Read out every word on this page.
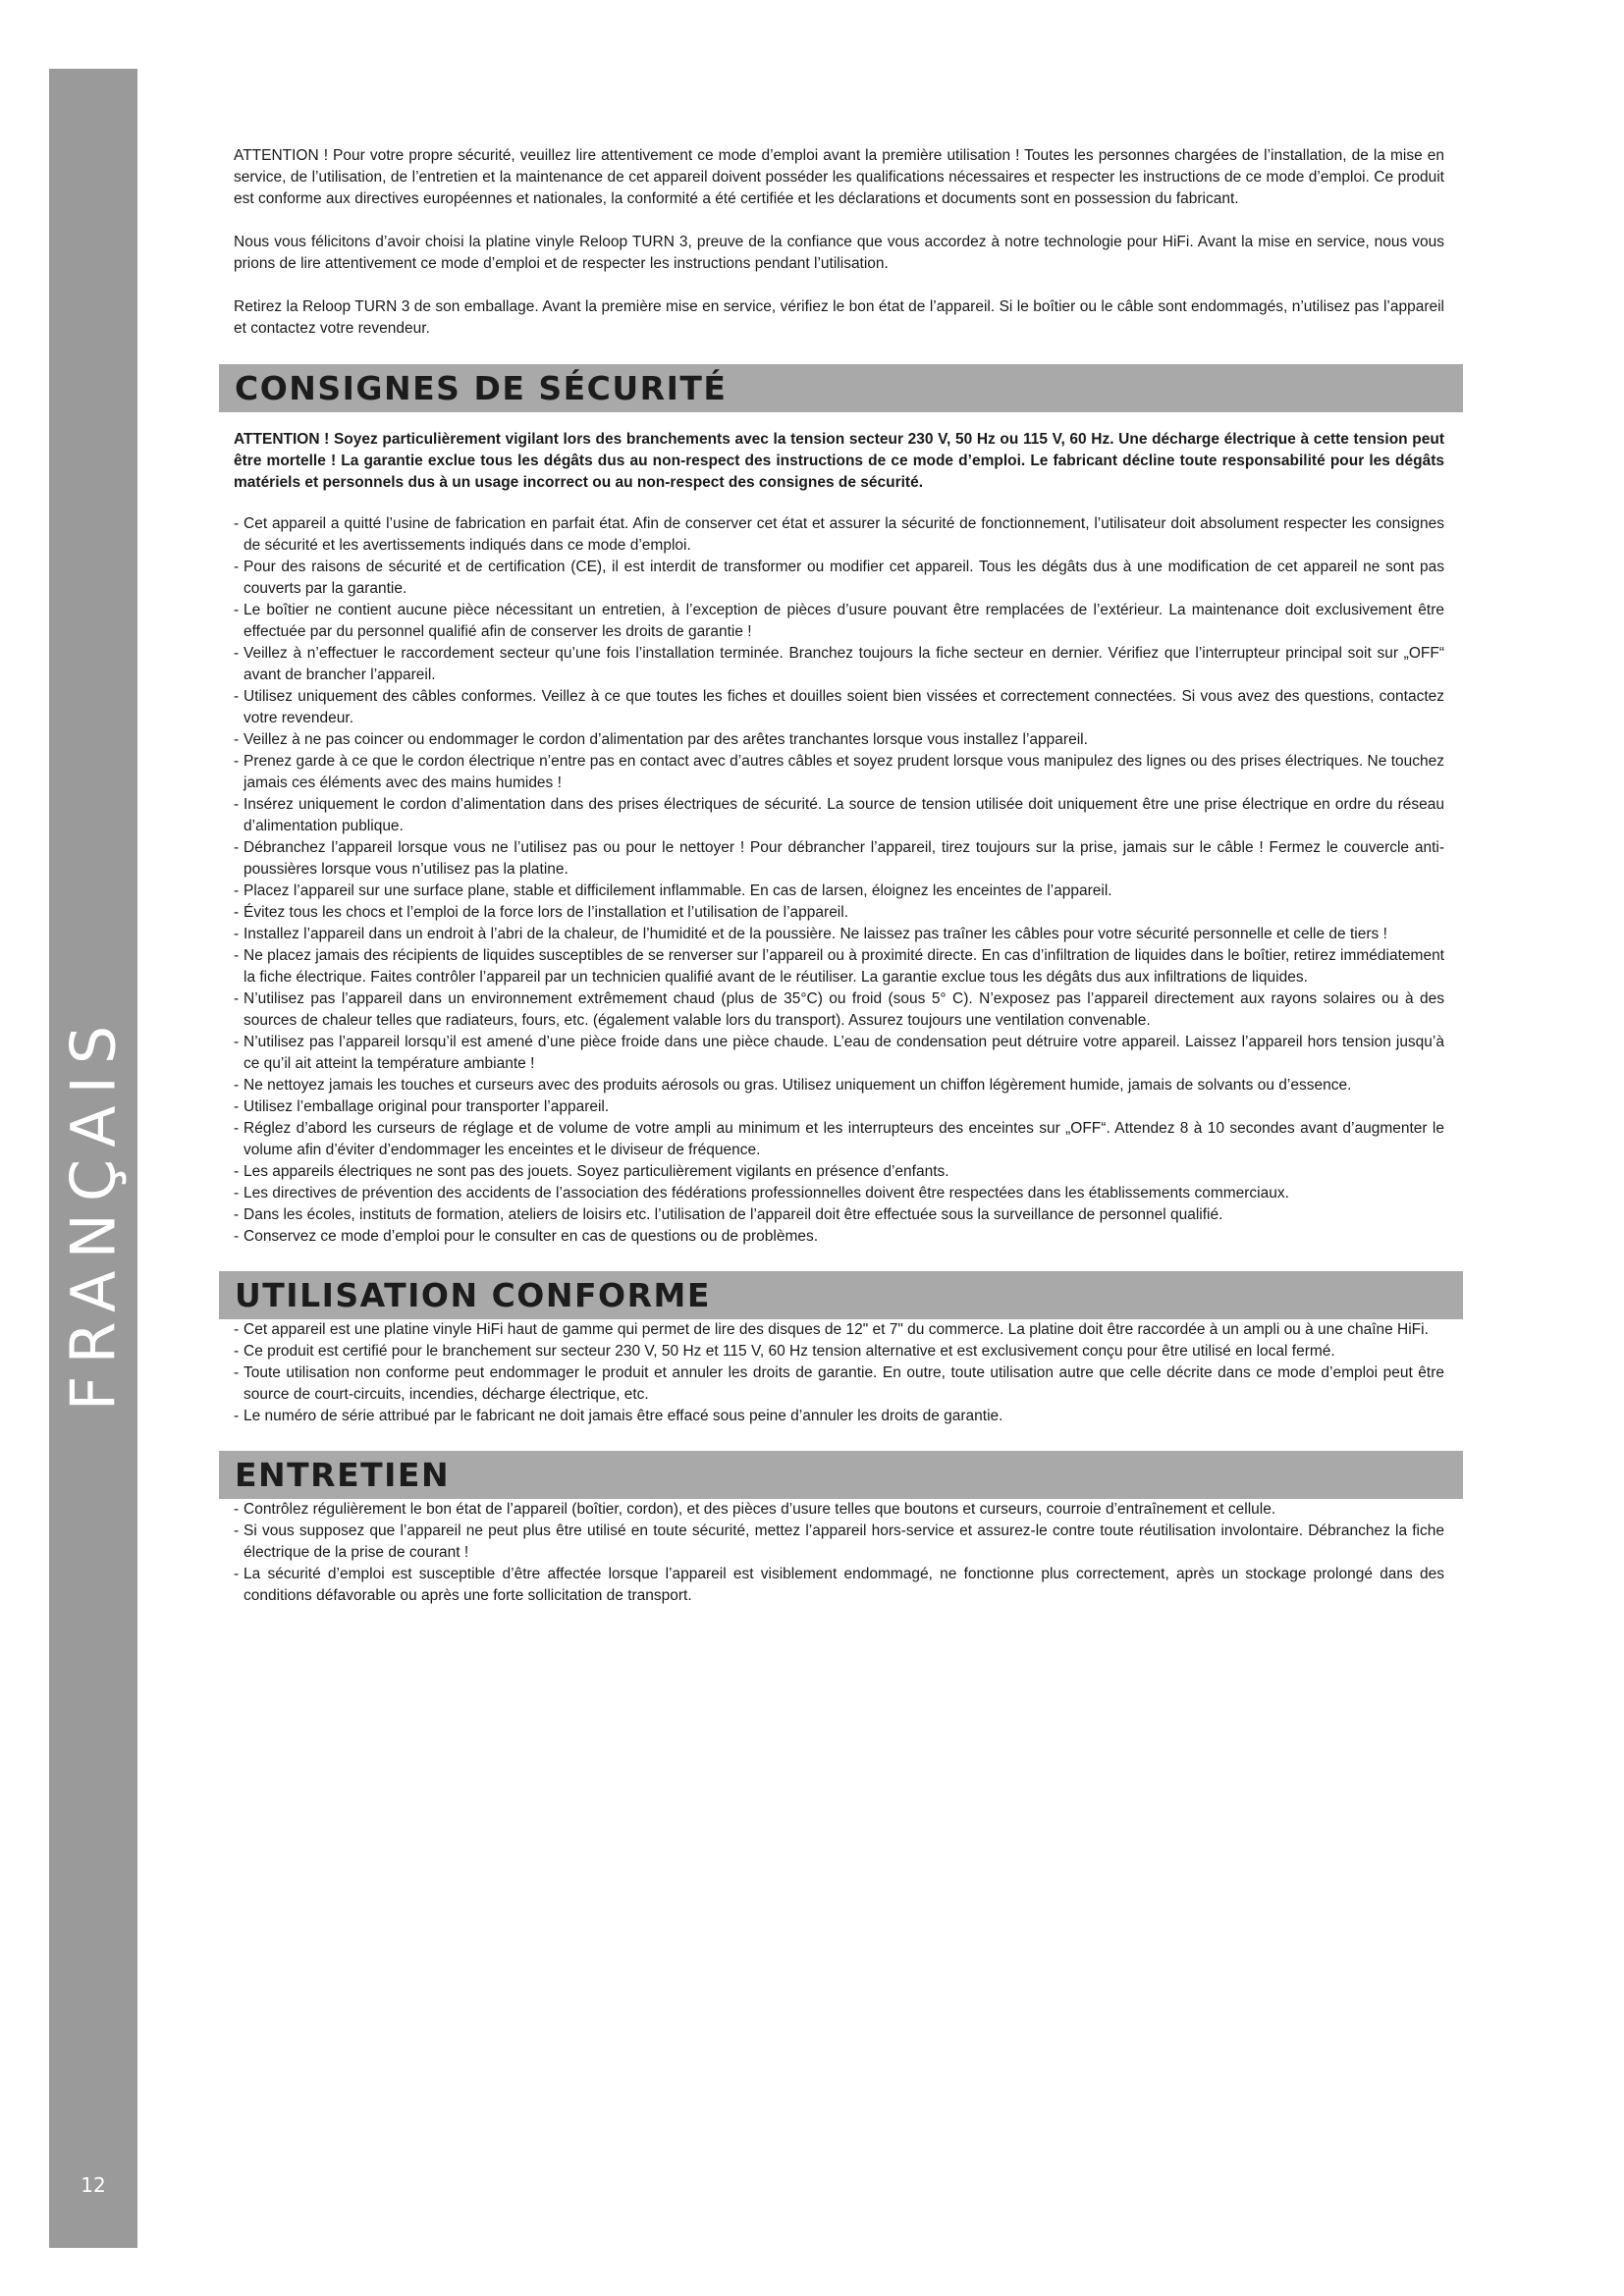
FRANÇAIS
12

ATTENTION ! Pour votre propre sécurité, veuillez lire attentivement ce mode d’emploi avant la première utilisation ! Toutes les personnes chargées de l’installation, de la mise en service, de l’utilisation, de l’entretien et la maintenance de cet appareil doivent posséder les qualifications nécessaires et respecter les instructions de ce mode d’emploi. Ce produit est conforme aux directives européennes et nationales, la conformité a été certifiée et les déclarations et documents sont en possession du fabricant.

Nous vous félicitons d’avoir choisi la platine vinyle Reloop TURN 3, preuve de la confiance que vous accordez à notre technologie pour HiFi. Avant la mise en service, nous vous prions de lire attentivement ce mode d’emploi et de respecter les instructions pendant l’utilisation.

Retirez la Reloop TURN 3 de son emballage. Avant la première mise en service, vérifiez le bon état de l’appareil. Si le boîtier ou le câble sont endommagés, n’utilisez pas l’appareil et contactez votre revendeur.

CONSIGNES DE SÉCURITÉ

ATTENTION ! Soyez particulièrement vigilant lors des branchements avec la tension secteur 230 V, 50 Hz ou 115 V, 60 Hz. Une décharge électrique à cette tension peut être mortelle ! La garantie exclue tous les dégâts dus au non-respect des instructions de ce mode d’emploi. Le fabricant décline toute responsabilité pour les dégâts matériels et personnels dus à un usage incorrect ou au non-respect des consignes de sécurité.

- Cet appareil a quitté l’usine de fabrication en parfait état. Afin de conserver cet état et assurer la sécurité de fonctionnement, l’utilisateur doit absolument respecter les consignes de sécurité et les avertissements indiqués dans ce mode d’emploi.
- Pour des raisons de sécurité et de certification (CE), il est interdit de transformer ou modifier cet appareil. Tous les dégâts dus à une modification de cet appareil ne sont pas couverts par la garantie.
- Le boîtier ne contient aucune pièce nécessitant un entretien, à l’exception de pièces d’usure pouvant être remplacées de l’extérieur. La maintenance doit exclusivement être effectuée par du personnel qualifié afin de conserver les droits de garantie !
- Veillez à n’effectuer le raccordement secteur qu’une fois l’installation terminée. Branchez toujours la fiche secteur en dernier. Vérifiez que l’interrupteur principal soit sur „OFF“ avant de brancher l’appareil.
- Utilisez uniquement des câbles conformes. Veillez à ce que toutes les fiches et douilles soient bien vissées et correctement connectées. Si vous avez des questions, contactez votre revendeur.
- Veillez à ne pas coincer ou endommager le cordon d’alimentation par des arêtes tranchantes lorsque vous installez l’appareil.
- Prenez garde à ce que le cordon électrique n’entre pas en contact avec d’autres câbles et soyez prudent lorsque vous manipulez des lignes ou des prises électriques. Ne touchez jamais ces éléments avec des mains humides !
- Insérez uniquement le cordon d’alimentation dans des prises électriques de sécurité. La source de tension utilisée doit uniquement être une prise électrique en ordre du réseau d’alimentation publique.
- Débranchez l’appareil lorsque vous ne l’utilisez pas ou pour le nettoyer ! Pour débrancher l’appareil, tirez toujours sur la prise, jamais sur le câble ! Fermez le couvercle anti-poussières lorsque vous n’utilisez pas la platine.
- Placez l’appareil sur une surface plane, stable et difficilement inflammable. En cas de larsen, éloignez les enceintes de l’appareil.
- Évitez tous les chocs et l’emploi de la force lors de l’installation et l’utilisation de l’appareil.
- Installez l’appareil dans un endroit à l’abri de la chaleur, de l’humidité et de la poussière. Ne laissez pas traîner les câbles pour votre sécurité personnelle et celle de tiers !
- Ne placez jamais des récipients de liquides susceptibles de se renverser sur l’appareil ou à proximité directe. En cas d’infiltration de liquides dans le boîtier, retirez immédiatement la fiche électrique. Faites contrôler l’appareil par un technicien qualifié avant de le réutiliser. La garantie exclue tous les dégâts dus aux infiltrations de liquides.
- N’utilisez pas l’appareil dans un environnement extrêmement chaud (plus de 35°C) ou froid (sous 5° C). N’exposez pas l’appareil directement aux rayons solaires ou à des sources de chaleur telles que radiateurs, fours, etc. (également valable lors du transport). Assurez toujours une ventilation convenable.
- N’utilisez pas l’appareil lorsqu’il est amené d’une pièce froide dans une pièce chaude. L’eau de condensation peut détruire votre appareil. Laissez l’appareil hors tension jusqu’à ce qu’il ait atteint la température ambiante !
- Ne nettoyez jamais les touches et curseurs avec des produits aérosols ou gras. Utilisez uniquement un chiffon légèrement humide, jamais de solvants ou d’essence.
- Utilisez l’emballage original pour transporter l’appareil.
- Réglez d’abord les curseurs de réglage et de volume de votre ampli au minimum et les interrupteurs des enceintes sur „OFF“. Attendez 8 à 10 secondes avant d’augmenter le volume afin d’éviter d’endommager les enceintes et le diviseur de fréquence.
- Les appareils électriques ne sont pas des jouets. Soyez particulièrement vigilants en présence d’enfants.
- Les directives de prévention des accidents de l’association des fédérations professionnelles doivent être respectées dans les établissements commerciaux.
- Dans les écoles, instituts de formation, ateliers de loisirs etc. l’utilisation de l’appareil doit être effectuée sous la surveillance de personnel qualifié.
- Conservez ce mode d’emploi pour le consulter en cas de questions ou de problèmes.
UTILISATION CONFORME
- Cet appareil est une platine vinyle HiFi haut de gamme qui permet de lire des disques de 12" et 7" du commerce. La platine doit être raccordée à un ampli ou à une chaîne HiFi.
- Ce produit est certifié pour le branchement sur secteur 230 V, 50 Hz et 115 V, 60 Hz tension alternative et est exclusivement conçu pour être utilisé en local fermé.
- Toute utilisation non conforme peut endommager le produit et annuler les droits de garantie. En outre, toute utilisation autre que celle décrite dans ce mode d’emploi peut être source de court-circuits, incendies, décharge électrique, etc.
- Le numéro de série attribué par le fabricant ne doit jamais être effacé sous peine d’annuler les droits de garantie.
ENTRETIEN
- Contrôlez régulièrement le bon état de l’appareil (boîtier, cordon), et des pièces d’usure telles que boutons et curseurs, courroie d’entraînement et cellule.
- Si vous supposez que l’appareil ne peut plus être utilisé en toute sécurité, mettez l’appareil hors-service et assurez-le contre toute réutilisation involontaire. Débranchez la fiche électrique de la prise de courant !
- La sécurité d’emploi est susceptible d’être affectée lorsque l’appareil est visiblement endommagé, ne fonctionne plus correctement, après un stockage prolongé dans des conditions défavorable ou après une forte sollicitation de transport.
